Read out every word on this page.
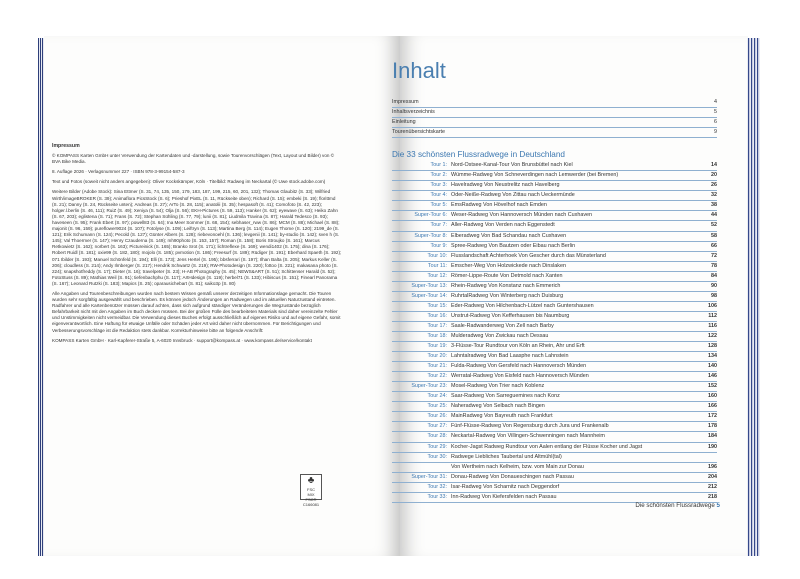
Impressum

© KOMPASS Karten GmbH unter Verwendung der Kartendaten und -darstellung, sowie Tourenvorschlägen (Text, Layout und Bilder) von © BVA Bike Media.

8. Auflage 2026 · Verlagsnummer 227 · ISBN 978-3-99154-587-3

Text und Fotos (soweit nicht anders angegeben): Oliver Kockskämper, Köln · Titelbild: Radweg im Neckartal (© Uwe stock.adobe.com)

Weitere Bilder (Adobe Stock): Sina Ettmer (S. 31, 74, 135, 150, 179, 183, 187, 199, 215, 60, 201, 132); Thomas Glaubitz (S. 33); Wilfried Wirth/imageBROKER (S. 39); Animaflora PicsStock (S. 6); Prieshof PixEL (S. 11, Rückseite oben); Richard (S. 15); embeki (S. 19); florittmd (S. 21); Danny (S. 24, Rückseite unten); Andreas (S. 27); ArTo (S. 28, 115); anatolii (S. 35); hespasoft (S. 41); Comofoto (S. 42, 223); holger.l.berlin (S. 46, 111); RuiZ (S. 49); Xeniya (S. 54); Olja (S. 56); EKH-Pictures (S. 59, 113); Hanker (S. 62); eyewave (S. 63); Heiko Zahn (S. 67, 203); eglistena (S. 71); Frans (S. 72); Stephan Sühling (S. 77, 79); lunii (S. 81); Liudmila Travina (S. 87); Harald Tedesco (S. 93); haveseen (S. 95); Frank Ebert (S. 97); powell83 (S. 64); Ina Meer Sommer (S. 68, 154); sebhaser_rww (S. 86); MCM (S. 88); Michael (S. 88); majonit (S. 96, 159); pureflower9024 (S. 107); Fotolyse (S. 109); Leiftryn (S. 113); Martina Berg (S. 114); Eugen Thome (S. 120); 2199_de (S. 121); Erik Schumann (S. 124); Pecold (S. 127); Günter Albers (S. 128); riebevonoehl (S. 136); levgenii (S. 141); by-studio (S. 142); sven h (S. 145); Val Thoermer (S. 147); Henry Czauderna (S. 149); mh90photo (S. 153, 157); Roman (S. 158); Boris Stroujko (S. 161); Marcus Retkowietz (S. 162); norbert (S. 163); Pictureinick (S. 165); Branko Srot (S. 171); lichtreflexe (S. 169); wendi1402 (S. 175); dina (S. 176); Robert Ruidl (S. 181); oxie99 (S. 182, 180); mojolo (S. 185); pvmotion (S. 186); Freesurf (S. 189); Rüdiger (S. 191); Eberhard Spaeth (S. 192); 071 Ibilder (S. 193); Manuel Schönfeld (S. 194); Elli (S. 173); Jens Hertel (S. 195); bbsferrari (S. 197); Ilhan Balta (S. 205); Markus Keller (S. 206); cloudless (S. 214); Andy Ilmberger (S. 217); Hendrik Schwartz (S. 219); RW-Photodesign (S. 220); fottoo (S. 221); makasana photo (S. 224); snapshotfreddy (S. 17); Dieter (S. 16); travelpeter (S. 23); H-AB Photography (S. 45); NEWS&ART (S. 51); Schittenser Harald (S. 52); FotoStuss (S. 89); Mathias Weil (S. 91); tiefenbachphu (S. 117); ArtHdesign (S. 119); herbel71 (S. 133); Hibiscus (S. 151); Finearl Panorama (S. 167); Leonard Rutzki (S. 183); Mapics (S. 25); oparausichebart (S. 81); saiko3p (S. 80)

Alle Angaben und Tourenbeschreibungen wurden nach bestem Wissen gemäß unserer derzeitigen Informationslage gemacht. Die Touren wurden sehr sorgfältig ausgewählt und beschrieben. Es können jedoch Änderungen an Radwegen und im aktuellen Naturzustand eintreten. Radfahrer und alle Kartenbenützer müssen darauf achten, dass sich aufgrund ständiger Veränderungen die Wegzustände bezüglich Befahrbarkeit nicht mit den Angaben im Buch decken müssen. Bei der großen Fülle des bearbeiteten Materials sind daher vereinzelte Fehler und Unstimmigkeiten nicht vermeidbar. Die Verwendung dieses Buches erfolgt ausschließlich auf eigenes Risiko und auf eigene Gefahr, somit eigenverantwortlich. Eine Haftung für etwaige Unfälle oder Schäden jeder Art wird daher nicht übernommen. Für Berichtigungen und Verbesserungsvorschläge ist die Redaktion stets dankbar. Korrekturhinweise bitte an folgende Anschrift:

KOMPASS Karten GmbH · Karl-Kapferer-Straße 5, A-6020 Innsbruck · support@kompass.at · www.kompass.de/service/kontakt

♣
FSC
MIX
FSC® C166081
Inhalt
Impressum	4
Inhaltsverzeichnis	5
Einleitung	6
Tourenübersichtskarte	9
Die 33 schönsten Flussradwege in Deutschland
Tour 1: Nord-Ostsee-Kanal-Tour Von Brunsbüttel nach Kiel	14
Tour 2: Wümme-Radweg Von Schneverdingen nach Lemwerder (bei Bremen)	20
Tour 3: Havelradweg Von Neustrelitz nach Havelberg	26
Tour 4: Oder-Neiße-Radweg Von Zittau nach Ueckermünde	32
Tour 5: EmsRadweg Von Hövelhof nach Emden	38
Super-Tour 6: Weser-Radweg Von Hannoversch Münden nach Cuxhaven	44
Tour 7: Aller-Radweg Von Verden nach Eggenstedt	52
Super-Tour 8: Elberadweg Von Bad Schandau nach Cuxhaven	58
Tour 9: Spree-Radweg Von Bautzen oder Eibau nach Berlin	66
Tour 10: Flusslandschaft Achterhoek Von Gescher durch das Münsterland	72
Tour 11: Emscher-Weg Von Holzwickede nach Dinslaken	78
Tour 12: Römer-Lippe-Route Von Detmold nach Xanten	84
Super-Tour 13: Rhein-Radweg Von Konstanz nach Emmerich	90
Super-Tour 14: RuhrtalRadweg Von Winterberg nach Duisburg	98
Tour 15: Eder-Radweg Von Hilchenbach-Lützel nach Guntershausen	106
Tour 16: Unstrut-Radweg Von Kefferhausen bis Naumburg	112
Tour 17: Saale-Radwanderweg Von Zell nach Barby	116
Tour 18: Mulderadweg Von Zwickau nach Dessau	122
Tour 19: 3-Flüsse-Tour Rundtour von Köln an Rhein, Ahr und Erft	128
Tour 20: Lahntalradweg Von Bad Laasphe nach Lahnstein	134
Tour 21: Fulda-Radweg Von Gersfeld nach Hannoversch Münden	140
Tour 22: Werratal-Radweg Von Eisfeld nach Hannoversch Münden	146
Super-Tour 23: Mosel-Radweg Von Trier nach Koblenz	152
Tour 24: Saar-Radweg Von Sarreguemines nach Konz	160
Tour 25: Naheradweg Von Selbach nach Bingen	166
Tour 26: MainRadweg Von Bayreuth nach Frankfurt	172
Tour 27: Fünf-Flüsse-Radweg Von Regensburg durch Jura und Frankenalb	178
Tour 28: Neckartal-Radweg Von Villingen-Schwenningen nach Mannheim	184
Tour 29: Kocher-Jagst Radweg Rundtour von Aalen entlang der Flüsse Kocher und Jagst	190
Tour 30: Radwege Liebliches Taubertal und Altmühl(tal)
Von Wertheim nach Kelheim, bzw. vom Main zur Donau	196
Super-Tour 31: Donau-Radweg Von Donaueschingen nach Passau	204
Tour 32: Isar-Radweg Von Scharnitz nach Deggendorf	212
Tour 33: Inn-Radweg Von Kiefersfelden nach Passau	218
Die schönsten Flussradwege 5
